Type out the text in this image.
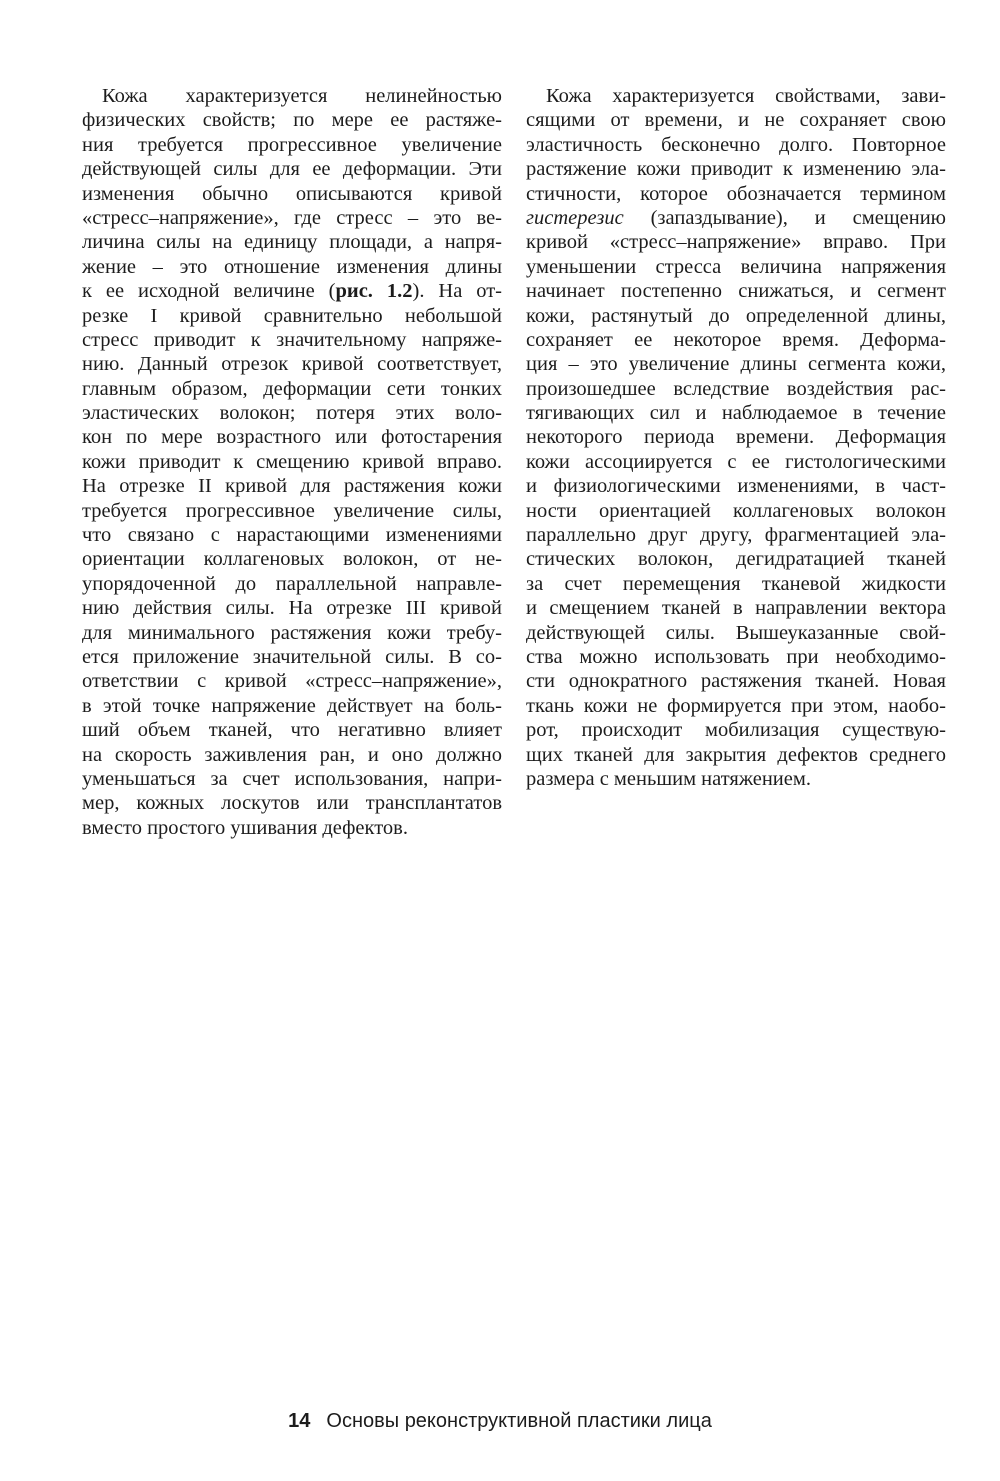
Кожа характеризуется нелинейностью
физических свойств; по мере ее растяже-
ния требуется прогрессивное увеличение
действующей силы для ее деформации. Эти
изменения обычно описываются кривой
«стресс–напряжение», где стресс – это ве-
личина силы на единицу площади, а напря-
жение – это отношение изменения длины
к ее исходной величине (рис. 1.2). На от-
резке I кривой сравнительно небольшой
стресс приводит к значительному напряже-
нию. Данный отрезок кривой соответствует,
главным образом, деформации сети тонких
эластических волокон; потеря этих воло-
кон по мере возрастного или фотостарения
кожи приводит к смещению кривой вправо.
На отрезке II кривой для растяжения кожи
требуется прогрессивное увеличение силы,
что связано с нарастающими изменениями
ориентации коллагеновых волокон, от не-
упорядоченной до параллельной направле-
нию действия силы. На отрезке III кривой
для минимального растяжения кожи требу-
ется приложение значительной силы. В со-
ответствии с кривой «стресс–напряжение»,
в этой точке напряжение действует на боль-
ший объем тканей, что негативно влияет
на скорость заживления ран, и оно должно
уменьшаться за счет использования, напри-
мер, кожных лоскутов или трансплантатов
вместо простого ушивания дефектов.
Кожа характеризуется свойствами, зави-
сящими от времени, и не сохраняет свою
эластичность бесконечно долго. Повторное
растяжение кожи приводит к изменению эла-
стичности, которое обозначается термином
гистерезис (запаздывание), и смещению
кривой «стресс–напряжение» вправо. При
уменьшении стресса величина напряжения
начинает постепенно снижаться, и сегмент
кожи, растянутый до определенной длины,
сохраняет ее некоторое время. Деформа-
ция – это увеличение длины сегмента кожи,
произошедшее вследствие воздействия рас-
тягивающих сил и наблюдаемое в течение
некоторого периода времени. Деформация
кожи ассоциируется с ее гистологическими
и физиологическими изменениями, в част-
ности ориентацией коллагеновых волокон
параллельно друг другу, фрагментацией эла-
стических волокон, дегидратацией тканей
за счет перемещения тканевой жидкости
и смещением тканей в направлении вектора
действующей силы. Вышеуказанные свой-
ства можно использовать при необходимо-
сти однократного растяжения тканей. Новая
ткань кожи не формируется при этом, наобо-
рот, происходит мобилизация существую-
щих тканей для закрытия дефектов среднего
размера с меньшим натяжением.
14 Основы реконструктивной пластики лица
